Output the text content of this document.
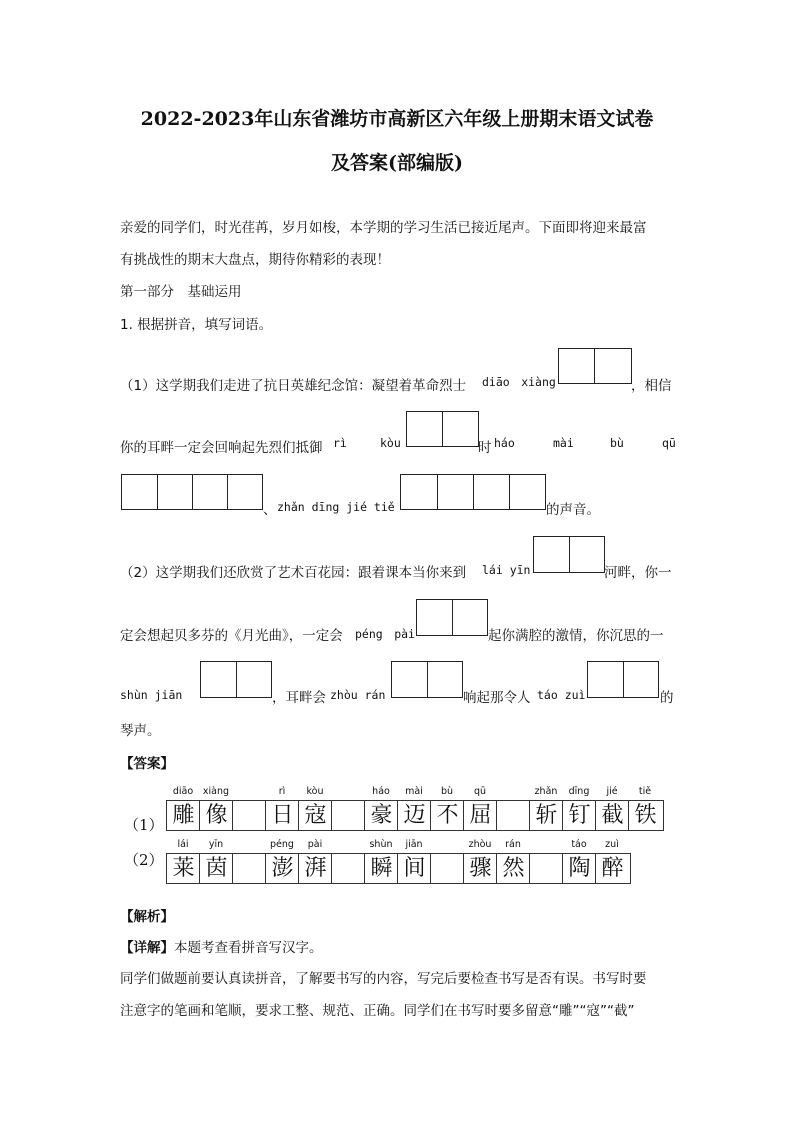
2022-2023年山东省潍坊市高新区六年级上册期末语文试卷
及答案(部编版)
亲爱的同学们，时光荏苒，岁月如梭，本学期的学习生活已接近尾声。下面即将迎来最富
有挑战性的期末大盘点，期待你精彩的表现！
第一部分　基础运用
1. 根据拼音，填写词语。
（1）这学期我们走进了抗日英雄纪念馆：凝望着革命烈士 diāo　xiàng	，相信
你的耳畔一定会回响起先烈们抵御 rì	kòu	时 háo	mài	bù	qū
、 zhǎn dīng jié tiě	的声音。
（2）这学期我们还欣赏了艺术百花园：跟着课本当你来到 lái yīn	河畔，你一
定会想起贝多芬的《月光曲》，一定会 péng　pài	起你满腔的激情，你沉思的一
shùn jiān	，耳畔会 zhòu rán	响起那令人 táo zuì	的
琴声。
【答案】
（1） 雕 像 日 寇 豪 迈 不 屈 斩 钉 截 铁
（2） 莱 茵 澎 湃 瞬 间 骤 然 陶 醉
【解析】
【详解】本题考查看拼音写汉字。
同学们做题前要认真读拼音，了解要书写的内容，写完后要检查书写是否有误。书写时要
注意字的笔画和笔顺，要求工整、规范、正确。同学们在书写时要多留意“雕”“寇”“截”
diāo	xiàng	rì	kòu	háo	mài	bù	qū	zhǎn	dīng	jié	tiě
lái	yīn	péng	pài	shùn	jiān	zhòu	rán	táo	zuì
